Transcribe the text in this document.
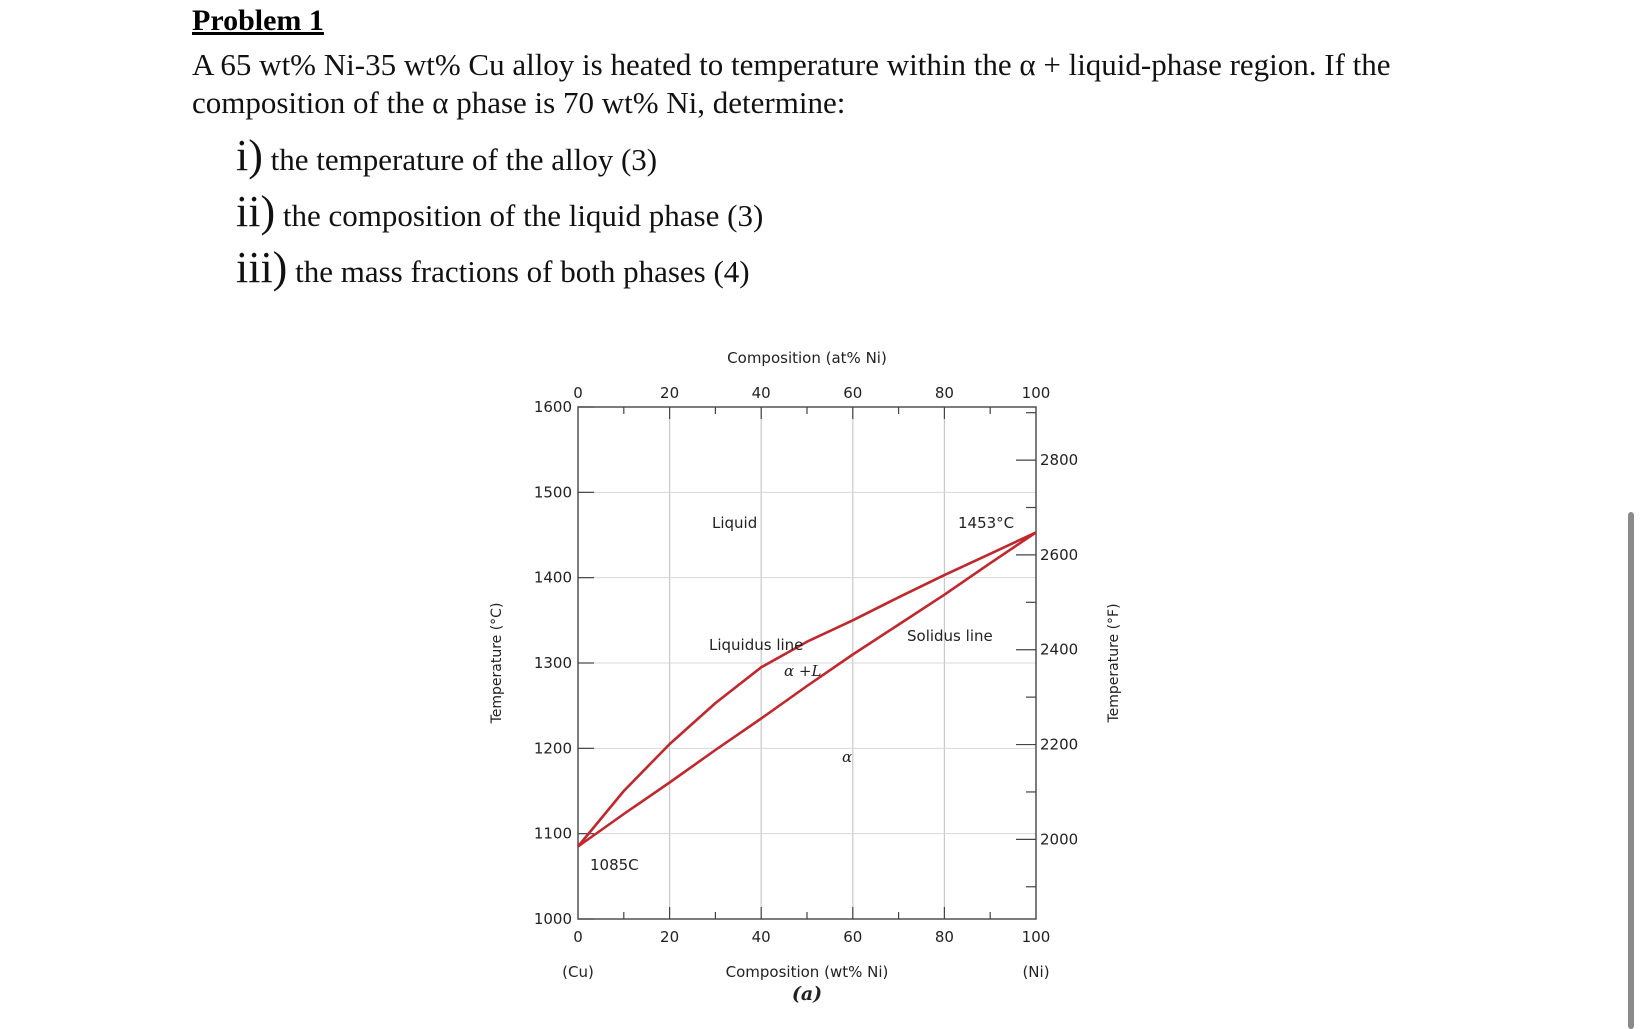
Problem 1
A 65 wt% Ni-35 wt% Cu alloy is heated to temperature within the α + liquid-phase region. If the
composition of the α phase is 70 wt% Ni, determine:
i) the temperature of the alloy (3)
ii) the composition of the liquid phase (3)
iii) the mass fractions of both phases (4)
0	20	40	60	80	100
0	20	40	60	80	100
1000
1100
1200
1300
1400
1500
1600
2000
2200
2400
2600
2800
Composition (at% Ni)
Composition (wt% Ni)
(Cu)	(Ni)
(a)
Temperature (°C)	Temperature (°F)
Liquid	1453°C
Liquidus line	Solidus line
α +L
α
1085C
